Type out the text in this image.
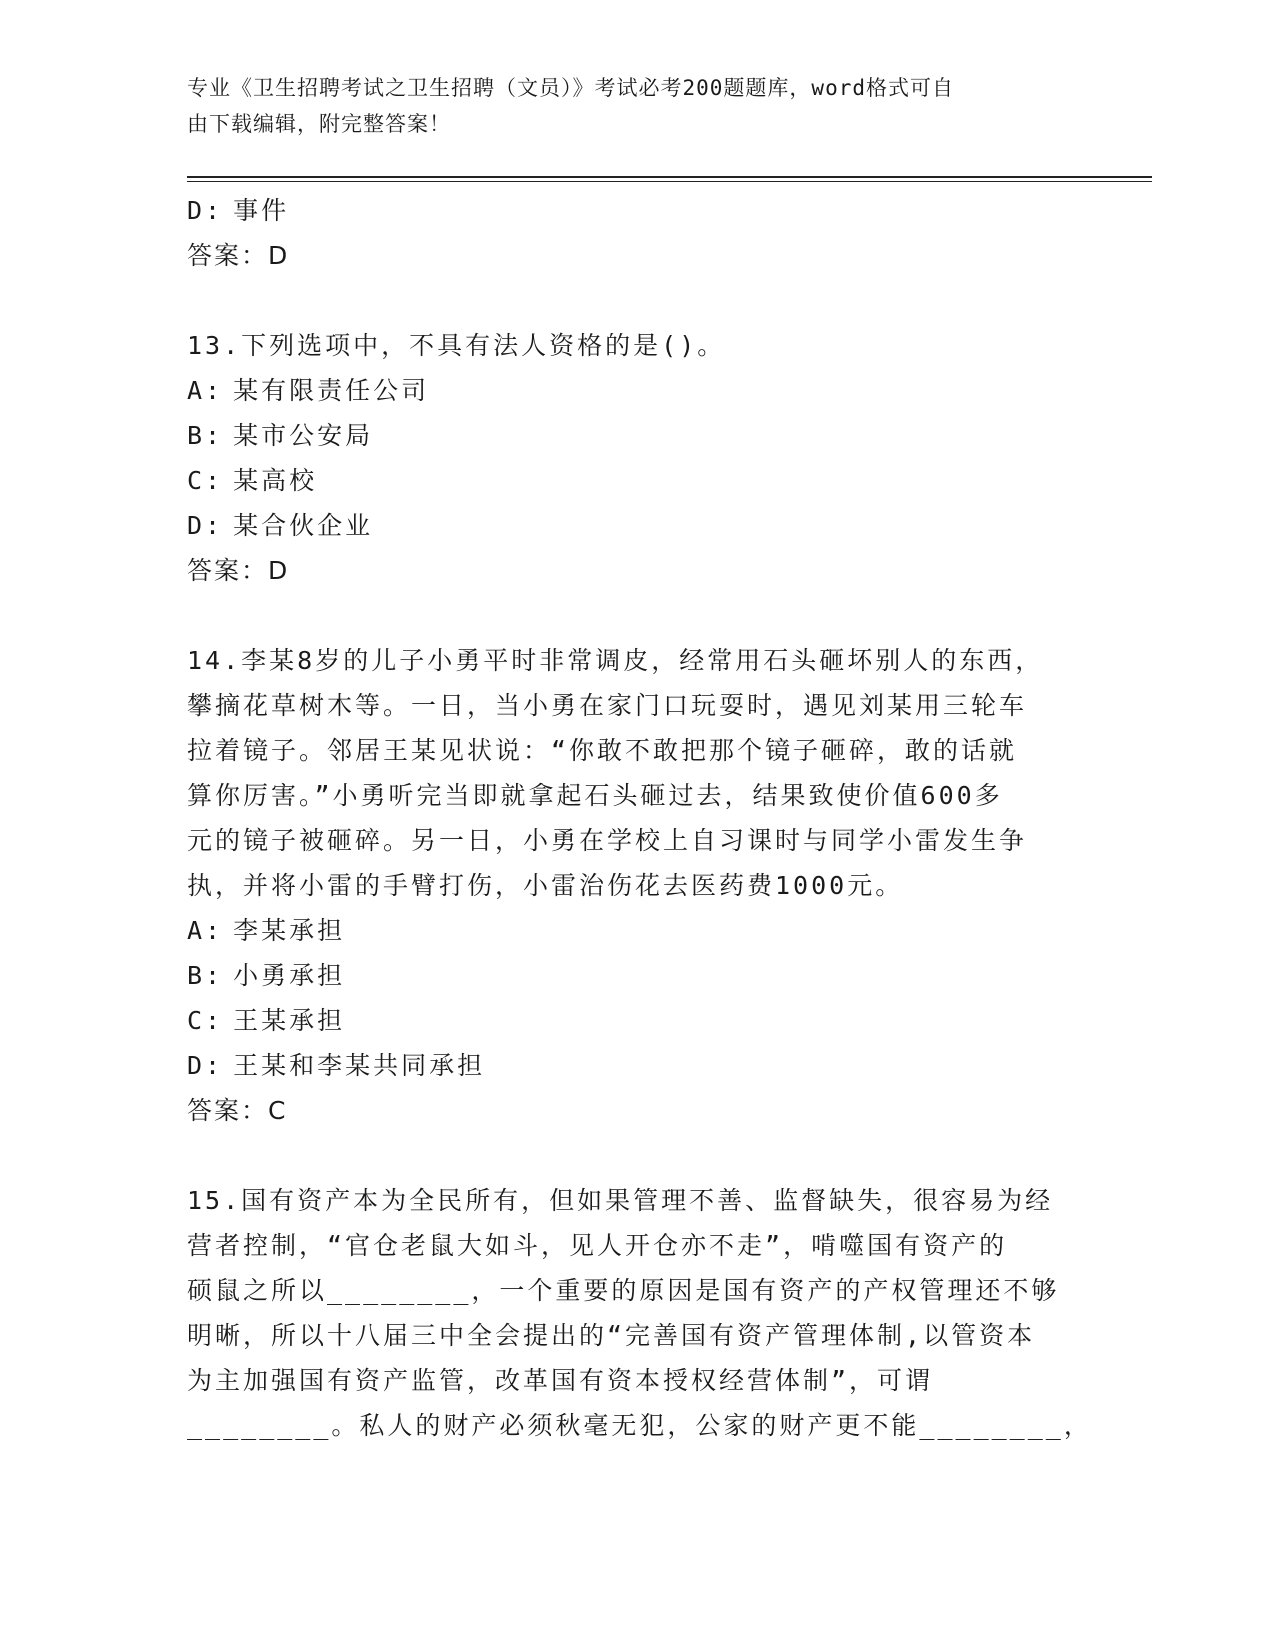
专业《卫生招聘考试之卫生招聘（文员）》考试必考200题题库，word格式可自
由下载编辑，附完整答案！
D: 事件
答案：D
13.下列选项中，不具有法人资格的是()。
A: 某有限责任公司
B: 某市公安局
C: 某高校
D: 某合伙企业
答案：D
14.李某8岁的儿子小勇平时非常调皮，经常用石头砸坏别人的东西，
攀摘花草树木等。一日，当小勇在家门口玩耍时，遇见刘某用三轮车
拉着镜子。邻居王某见状说：“你敢不敢把那个镜子砸碎，敢的话就
算你厉害。”小勇听完当即就拿起石头砸过去，结果致使价值600多
元的镜子被砸碎。另一日，小勇在学校上自习课时与同学小雷发生争
执，并将小雷的手臂打伤，小雷治伤花去医药费1000元。
A: 李某承担
B: 小勇承担
C: 王某承担
D: 王某和李某共同承担
答案：C
15.国有资产本为全民所有，但如果管理不善、监督缺失，很容易为经
营者控制，“官仓老鼠大如斗，见人开仓亦不走”，啃噬国有资产的
硕鼠之所以________，一个重要的原因是国有资产的产权管理还不够
明晰，所以十八届三中全会提出的“完善国有资产管理体制,以管资本
为主加强国有资产监管，改革国有资本授权经营体制”，可谓
________。私人的财产必须秋毫无犯，公家的财产更不能________，
